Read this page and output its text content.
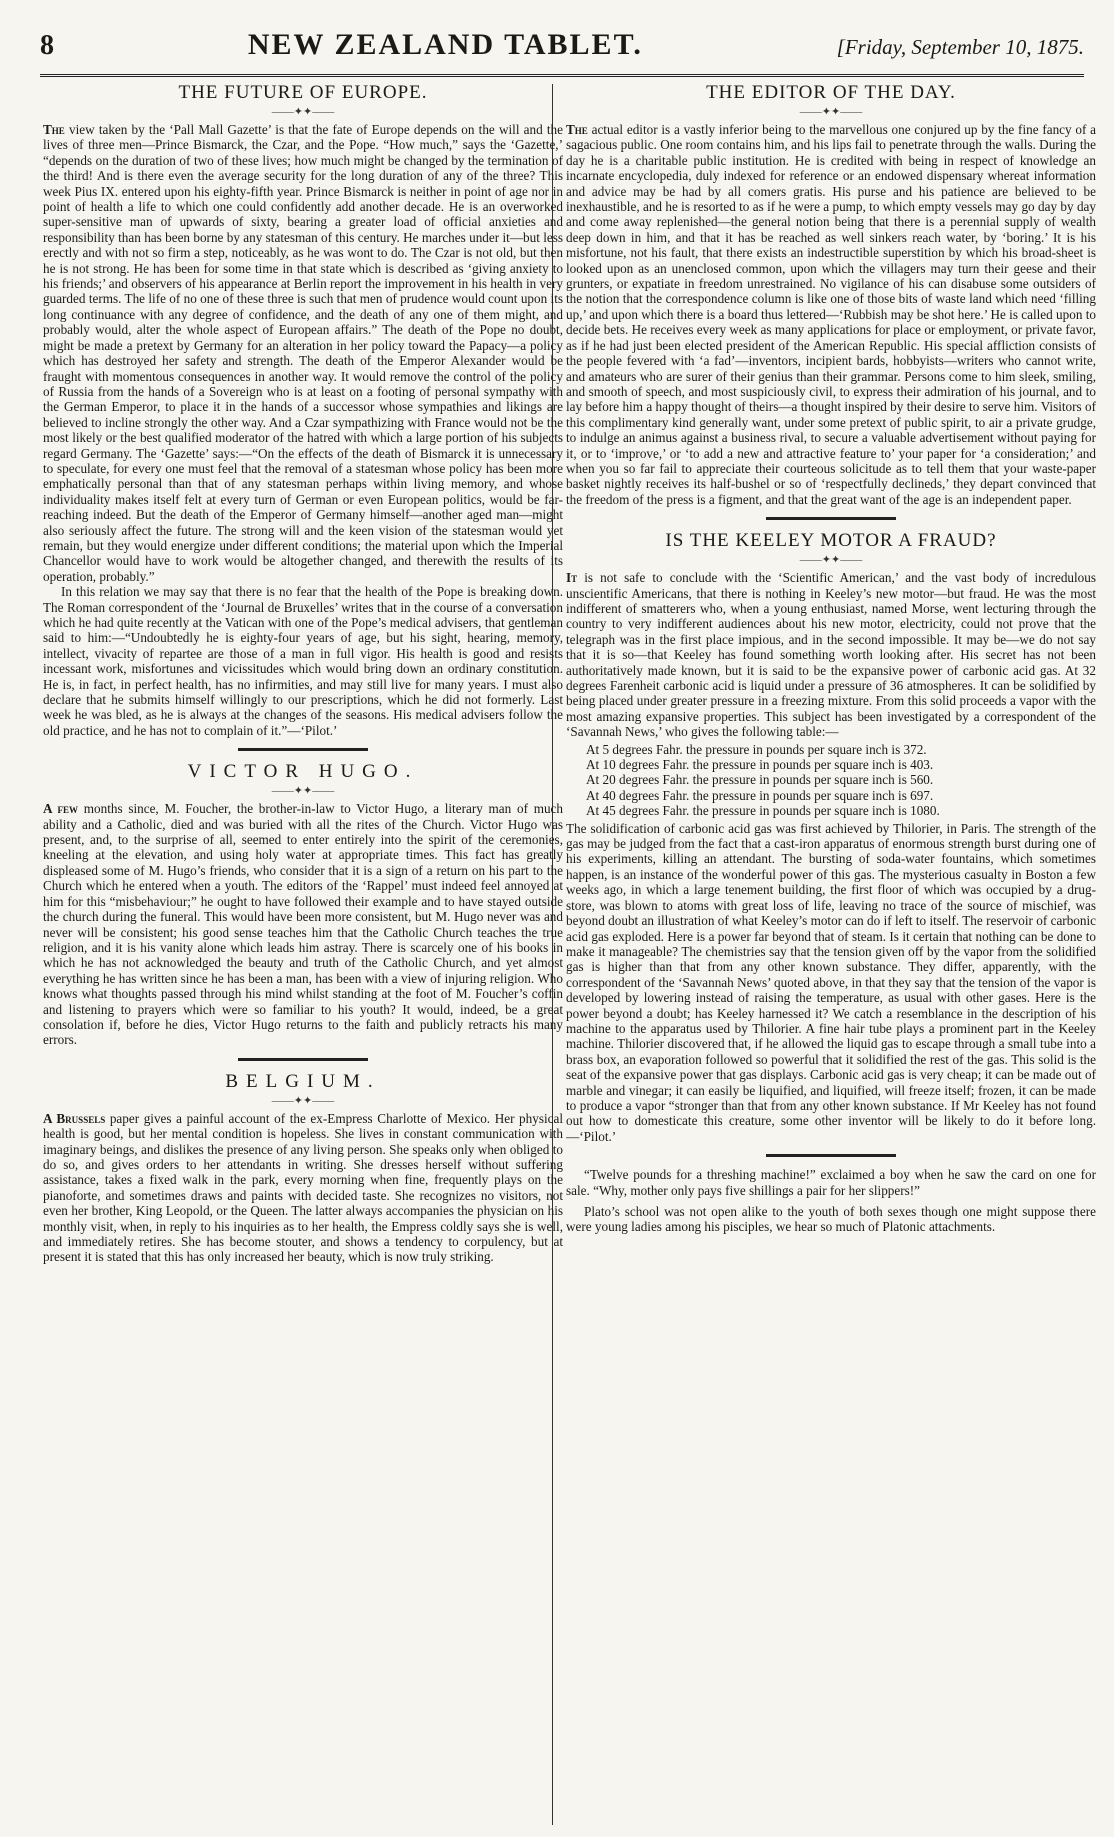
8	NEW ZEALAND TABLET.	[Friday, September 10, 1875.
THE FUTURE OF EUROPE.
——✦✦——

The view taken by the ‘Pall Mall Gazette’ is that the fate of Europe depends on the will and the lives of three men—Prince Bismarck, the Czar, and the Pope. “How much,” says the ‘Gazette,’ “depends on the duration of two of these lives; how much might be changed by the termination of the third! And is there even the average security for the long duration of any of the three? This week Pius IX. entered upon his eighty-fifth year. Prince Bismarck is neither in point of age nor in point of health a life to which one could confidently add another decade. He is an overworked super-sensitive man of upwards of sixty, bearing a greater load of official anxieties and responsibility than has been borne by any statesman of this century. He marches under it—but less erectly and with not so firm a step, noticeably, as he was wont to do. The Czar is not old, but then he is not strong. He has been for some time in that state which is described as ‘giving anxiety to his friends;’ and observers of his appearance at Berlin report the improvement in his health in very guarded terms. The life of no one of these three is such that men of prudence would count upon its long continuance with any degree of confidence, and the death of any one of them might, and probably would, alter the whole aspect of European affairs.” The death of the Pope no doubt, might be made a pretext by Germany for an alteration in her policy toward the Papacy—a policy which has destroyed her safety and strength. The death of the Emperor Alexander would be fraught with momentous consequences in another way. It would remove the control of the policy of Russia from the hands of a Sovereign who is at least on a footing of personal sympathy with the German Emperor, to place it in the hands of a successor whose sympathies and likings are believed to incline strongly the other way. And a Czar sympathizing with France would not be the most likely or the best qualified moderator of the hatred with which a large portion of his subjects regard Germany. The ‘Gazette’ says:—“On the effects of the death of Bismarck it is unnecessary to speculate, for every one must feel that the removal of a statesman whose policy has been more emphatically personal than that of any statesman perhaps within living memory, and whose individuality makes itself felt at every turn of German or even European politics, would be far-reaching indeed. But the death of the Emperor of Germany himself—another aged man—might also seriously affect the future. The strong will and the keen vision of the statesman would yet remain, but they would energize under different conditions; the material upon which the Imperial Chancellor would have to work would be altogether changed, and therewith the results of its operation, probably.”

In this relation we may say that there is no fear that the health of the Pope is breaking down. The Roman correspondent of the ‘Journal de Bruxelles’ writes that in the course of a conversation which he had quite recently at the Vatican with one of the Pope’s medical advisers, that gentleman said to him:—“Undoubtedly he is eighty-four years of age, but his sight, hearing, memory, intellect, vivacity of repartee are those of a man in full vigor. His health is good and resists incessant work, misfortunes and vicissitudes which would bring down an ordinary constitution. He is, in fact, in perfect health, has no infirmities, and may still live for many years. I must also declare that he submits himself willingly to our prescriptions, which he did not formerly. Last week he was bled, as he is always at the changes of the seasons. His medical advisers follow the old practice, and he has not to complain of it.”—‘Pilot.’

VICTOR HUGO.
——✦✦——

A few months since, M. Foucher, the brother-in-law to Victor Hugo, a literary man of much ability and a Catholic, died and was buried with all the rites of the Church. Victor Hugo was present, and, to the surprise of all, seemed to enter entirely into the spirit of the ceremonies, kneeling at the elevation, and using holy water at appropriate times. This fact has greatly displeased some of M. Hugo’s friends, who consider that it is a sign of a return on his part to the Church which he entered when a youth. The editors of the ‘Rappel’ must indeed feel annoyed at him for this “misbehaviour;” he ought to have followed their example and to have stayed outside the church during the funeral. This would have been more consistent, but M. Hugo never was and never will be consistent; his good sense teaches him that the Catholic Church teaches the true religion, and it is his vanity alone which leads him astray. There is scarcely one of his books in which he has not acknowledged the beauty and truth of the Catholic Church, and yet almost everything he has written since he has been a man, has been with a view of injuring religion. Who knows what thoughts passed through his mind whilst standing at the foot of M. Foucher’s coffin and listening to prayers which were so familiar to his youth? It would, indeed, be a great consolation if, before he dies, Victor Hugo returns to the faith and publicly retracts his many errors.

BELGIUM.
——✦✦——

A Brussels paper gives a painful account of the ex-Empress Charlotte of Mexico. Her physical health is good, but her mental condition is hopeless. She lives in constant communication with imaginary beings, and dislikes the presence of any living person. She speaks only when obliged to do so, and gives orders to her attendants in writing. She dresses herself without suffering assistance, takes a fixed walk in the park, every morning when fine, frequently plays on the pianoforte, and sometimes draws and paints with decided taste. She recognizes no visitors, not even her brother, King Leopold, or the Queen. The latter always accompanies the physician on his monthly visit, when, in reply to his inquiries as to her health, the Empress coldly says she is well, and immediately retires. She has become stouter, and shows a tendency to corpulency, but at present it is stated that this has only increased her beauty, which is now truly striking.

THE EDITOR OF THE DAY.
——✦✦——

The actual editor is a vastly inferior being to the marvellous one conjured up by the fine fancy of a sagacious public. One room contains him, and his lips fail to penetrate through the walls. During the day he is a charitable public institution. He is credited with being in respect of knowledge an incarnate encyclopedia, duly indexed for reference or an endowed dispensary whereat information and advice may be had by all comers gratis. His purse and his patience are believed to be inexhaustible, and he is resorted to as if he were a pump, to which empty vessels may go day by day and come away replenished—the general notion being that there is a perennial supply of wealth deep down in him, and that it has be reached as well sinkers reach water, by ‘boring.’ It is his misfortune, not his fault, that there exists an indestructible superstition by which his broad-sheet is looked upon as an unenclosed common, upon which the villagers may turn their geese and their grunters, or expatiate in freedom unrestrained. No vigilance of his can disabuse some outsiders of the notion that the correspondence column is like one of those bits of waste land which need ‘filling up,’ and upon which there is a board thus lettered—‘Rubbish may be shot here.’ He is called upon to decide bets. He receives every week as many applications for place or employment, or private favor, as if he had just been elected president of the American Republic. His special affliction consists of the people fevered with ‘a fad’—inventors, incipient bards, hobbyists—writers who cannot write, and amateurs who are surer of their genius than their grammar. Persons come to him sleek, smiling, and smooth of speech, and most suspiciously civil, to express their admiration of his journal, and to lay before him a happy thought of theirs—a thought inspired by their desire to serve him. Visitors of this complimentary kind generally want, under some pretext of public spirit, to air a private grudge, to indulge an animus against a business rival, to secure a valuable advertisement without paying for it, or to ‘improve,’ or ‘to add a new and attractive feature to’ your paper for ‘a consideration;’ and when you so far fail to appreciate their courteous solicitude as to tell them that your waste-paper basket nightly receives its half-bushel or so of ‘respectfully declineds,’ they depart convinced that the freedom of the press is a figment, and that the great want of the age is an independent paper.

IS THE KEELEY MOTOR A FRAUD?
——✦✦——

It is not safe to conclude with the ‘Scientific American,’ and the vast body of incredulous unscientific Americans, that there is nothing in Keeley’s new motor—but fraud. He was the most indifferent of smatterers who, when a young enthusiast, named Morse, went lecturing through the country to very indifferent audiences about his new motor, electricity, could not prove that the telegraph was in the first place impious, and in the second impossible. It may be—we do not say that it is so—that Keeley has found something worth looking after. His secret has not been authoritatively made known, but it is said to be the expansive power of carbonic acid gas. At 32 degrees Farenheit carbonic acid is liquid under a pressure of 36 atmospheres. It can be solidified by being placed under greater pressure in a freezing mixture. From this solid proceeds a vapor with the most amazing expansive properties. This subject has been investigated by a correspondent of the ‘Savannah News,’ who gives the following table:—

At 5 degrees Fahr. the pressure in pounds per square inch is 372.
At 10 degrees Fahr. the pressure in pounds per square inch is 403.
At 20 degrees Fahr. the pressure in pounds per square inch is 560.
At 40 degrees Fahr. the pressure in pounds per square inch is 697.
At 45 degrees Fahr. the pressure in pounds per square inch is 1080.

The solidification of carbonic acid gas was first achieved by Thilorier, in Paris. The strength of the gas may be judged from the fact that a cast-iron apparatus of enormous strength burst during one of his experiments, killing an attendant. The bursting of soda-water fountains, which sometimes happen, is an instance of the wonderful power of this gas. The mysterious casualty in Boston a few weeks ago, in which a large tenement building, the first floor of which was occupied by a drug-store, was blown to atoms with great loss of life, leaving no trace of the source of mischief, was beyond doubt an illustration of what Keeley’s motor can do if left to itself. The reservoir of carbonic acid gas exploded. Here is a power far beyond that of steam. Is it certain that nothing can be done to make it manageable? The chemistries say that the tension given off by the vapor from the solidified gas is higher than that from any other known substance. They differ, apparently, with the correspondent of the ‘Savannah News’ quoted above, in that they say that the tension of the vapor is developed by lowering instead of raising the temperature, as usual with other gases. Here is the power beyond a doubt; has Keeley harnessed it? We catch a resemblance in the description of his machine to the apparatus used by Thilorier. A fine hair tube plays a prominent part in the Keeley machine. Thilorier discovered that, if he allowed the liquid gas to escape through a small tube into a brass box, an evaporation followed so powerful that it solidified the rest of the gas. This solid is the seat of the expansive power that gas displays. Carbonic acid gas is very cheap; it can be made out of marble and vinegar; it can easily be liquified, and liquified, will freeze itself; frozen, it can be made to produce a vapor “stronger than that from any other known substance. If Mr Keeley has not found out how to domesticate this creature, some other inventor will be likely to do it before long.—‘Pilot.’

“Twelve pounds for a threshing machine!” exclaimed a boy when he saw the card on one for sale. “Why, mother only pays five shillings a pair for her slippers!”

Plato’s school was not open alike to the youth of both sexes though one might suppose there were young ladies among his pisciples, we hear so much of Platonic attachments.
